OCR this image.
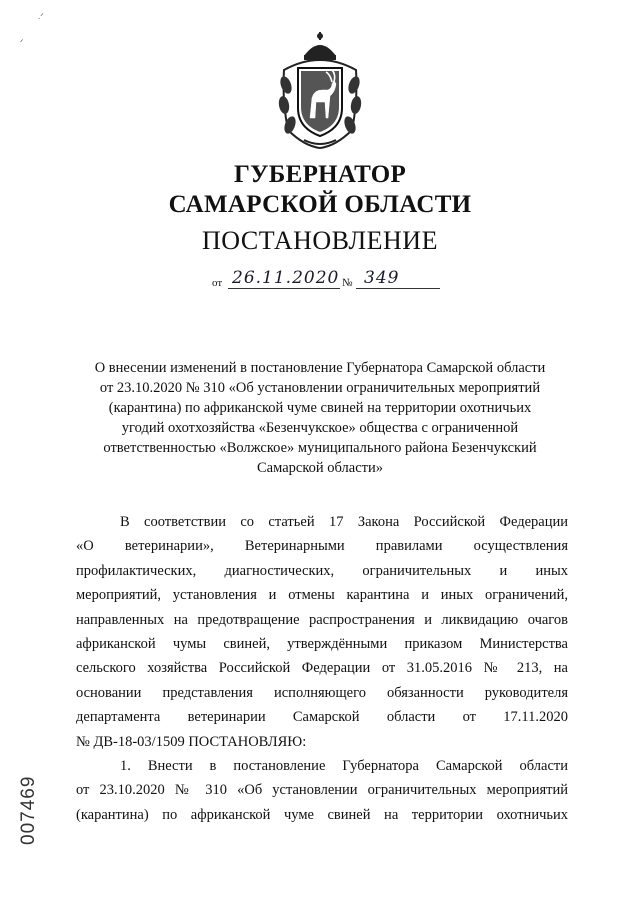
.ᐟ
ᐟ
ГУБЕРНАТОР
САМАРСКОЙ ОБЛАСТИ
ПОСТАНОВЛЕНИЕ
от 26.11.2020 № 349
О внесении изменений в постановление Губернатора Самарской области
от 23.10.2020 № 310 «Об установлении ограничительных мероприятий
(карантина) по африканской чуме свиней на территории охотничьих
угодий охотхозяйства «Безенчукское» общества с ограниченной
ответственностью «Волжское» муниципального района Безенчукский
Самарской области»

В соответствии со статьей 17 Закона Российской Федерации

«О ветеринарии», Ветеринарными правилами осуществления

профилактических, диагностических, ограничительных и иных

мероприятий, установления и отмены карантина и иных ограничений,

направленных на предотвращение распространения и ликвидацию очагов

африканской чумы свиней, утверждёнными приказом Министерства

сельского хозяйства Российской Федерации от 31.05.2016 № 213, на

основании представления исполняющего обязанности руководителя

департамента ветеринарии Самарской области от 17.11.2020

№ ДВ-18-03/1509 ПОСТАНОВЛЯЮ:

1. Внести в постановление Губернатора Самарской области

от 23.10.2020 № 310 «Об установлении ограничительных мероприятий

(карантина) по африканской чуме свиней на территории охотничьих

007469
